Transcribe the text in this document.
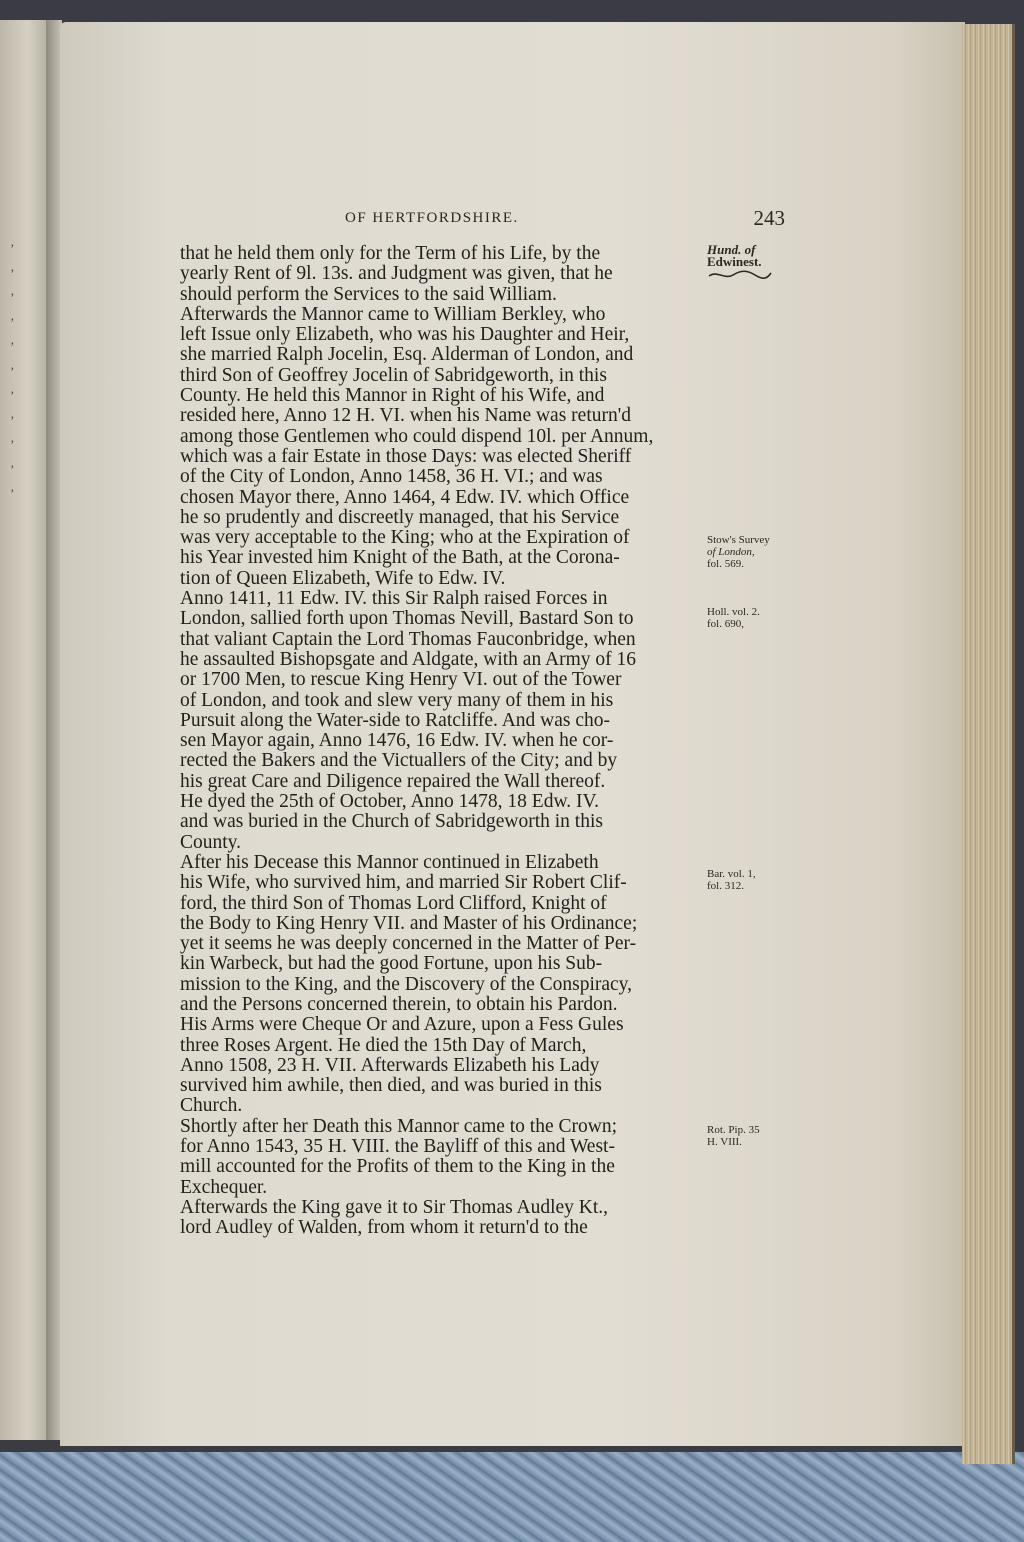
,
,
,
,
,
,
,
,
,
,
,
OF HERTFORDSHIRE.	243
that he held them only for the Term of his Life, by the
yearly Rent of 9l. 13s. and Judgment was given, that he
should perform the Services to the said William.
Afterwards the Mannor came to William Berkley, who
left Issue only Elizabeth, who was his Daughter and Heir,
she married Ralph Jocelin, Esq. Alderman of London, and
third Son of Geoffrey Jocelin of Sabridgeworth, in this
County. He held this Mannor in Right of his Wife, and
resided here, Anno 12 H. VI. when his Name was return'd
among those Gentlemen who could dispend 10l. per Annum,
which was a fair Estate in those Days: was elected Sheriff
of the City of London, Anno 1458, 36 H. VI.; and was
chosen Mayor there, Anno 1464, 4 Edw. IV. which Office
he so prudently and discreetly managed, that his Service
was very acceptable to the King; who at the Expiration of
his Year invested him Knight of the Bath, at the Corona-
tion of Queen Elizabeth, Wife to Edw. IV.
Anno 1411, 11 Edw. IV. this Sir Ralph raised Forces in
London, sallied forth upon Thomas Nevill, Bastard Son to
that valiant Captain the Lord Thomas Fauconbridge, when
he assaulted Bishopsgate and Aldgate, with an Army of 16
or 1700 Men, to rescue King Henry VI. out of the Tower
of London, and took and slew very many of them in his
Pursuit along the Water-side to Ratcliffe. And was cho-
sen Mayor again, Anno 1476, 16 Edw. IV. when he cor-
rected the Bakers and the Victuallers of the City; and by
his great Care and Diligence repaired the Wall thereof.
He dyed the 25th of October, Anno 1478, 18 Edw. IV.
and was buried in the Church of Sabridgeworth in this
County.
After his Decease this Mannor continued in Elizabeth
his Wife, who survived him, and married Sir Robert Clif-
ford, the third Son of Thomas Lord Clifford, Knight of
the Body to King Henry VII. and Master of his Ordinance;
yet it seems he was deeply concerned in the Matter of Per-
kin Warbeck, but had the good Fortune, upon his Sub-
mission to the King, and the Discovery of the Conspiracy,
and the Persons concerned therein, to obtain his Pardon.
His Arms were Cheque Or and Azure, upon a Fess Gules
three Roses Argent. He died the 15th Day of March,
Anno 1508, 23 H. VII. Afterwards Elizabeth his Lady
survived him awhile, then died, and was buried in this
Church.
Shortly after her Death this Mannor came to the Crown;
for Anno 1543, 35 H. VIII. the Bayliff of this and West-
mill accounted for the Profits of them to the King in the
Exchequer.
Afterwards the King gave it to Sir Thomas Audley Kt.,
lord Audley of Walden, from whom it return'd to the
Hund. of
Edwinest.
Stow's Survey
of London,
fol. 569.
Holl. vol. 2.
fol. 690,
Bar. vol. 1,
fol. 312.
Rot. Pip. 35
H. VIII.
